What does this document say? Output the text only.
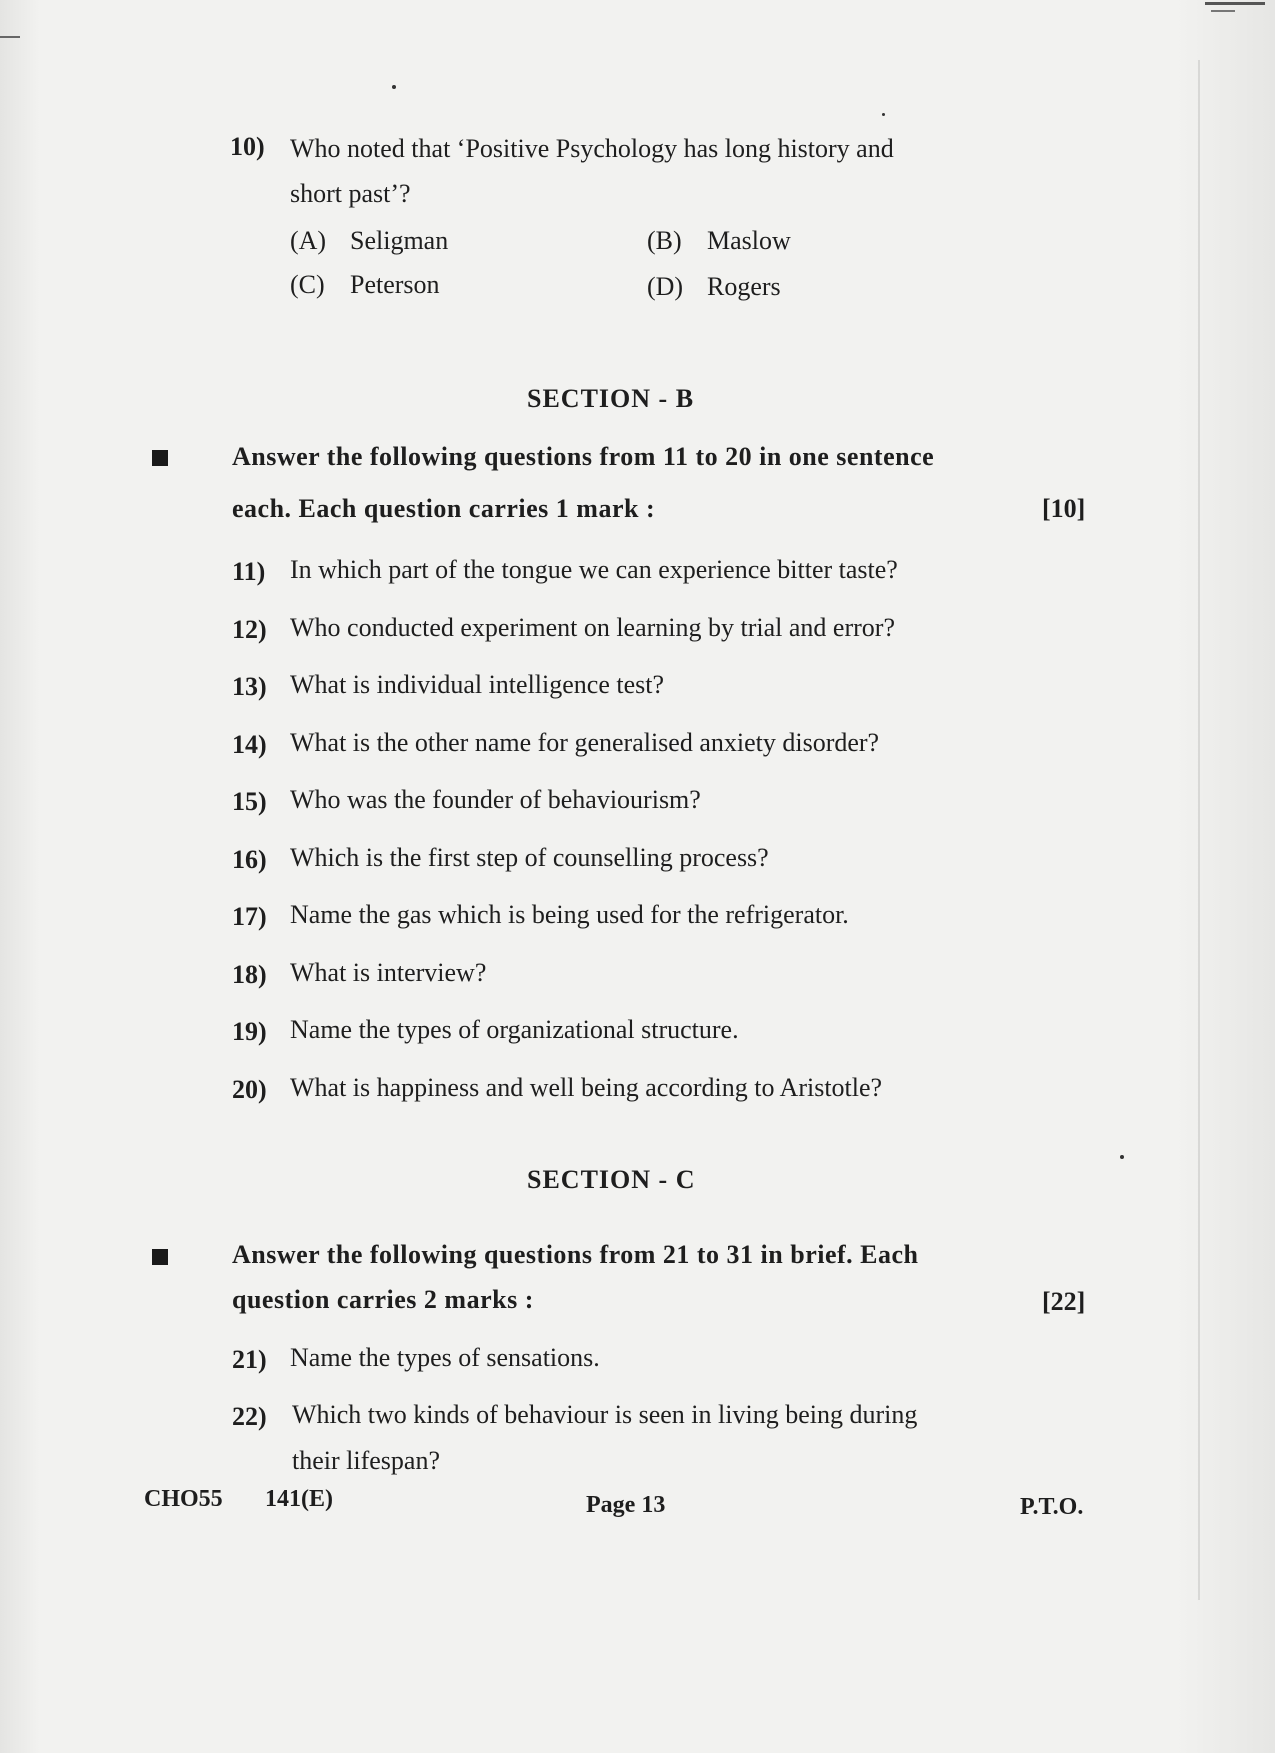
10) Who noted that ‘Positive Psychology has long history and
short past’?
(A) Seligman	(B) Maslow
(C) Peterson	(D) Rogers
SECTION - B
Answer the following questions from 11 to 20 in one sentence
each. Each question carries 1 mark :	[10]
11) In which part of the tongue we can experience bitter taste?
12) Who conducted experiment on learning by trial and error?
13) What is individual intelligence test?
14) What is the other name for generalised anxiety disorder?
15) Who was the founder of behaviourism?
16) Which is the first step of counselling process?
17) Name the gas which is being used for the refrigerator.
18) What is interview?
19) Name the types of organizational structure.
20) What is happiness and well being according to Aristotle?
SECTION - C
Answer the following questions from 21 to 31 in brief. Each
question carries 2 marks :	[22]
21) Name the types of sensations.
22) Which two kinds of behaviour is seen in living being during
their lifespan?
CHO55 141(E)	Page 13	P.T.O.
